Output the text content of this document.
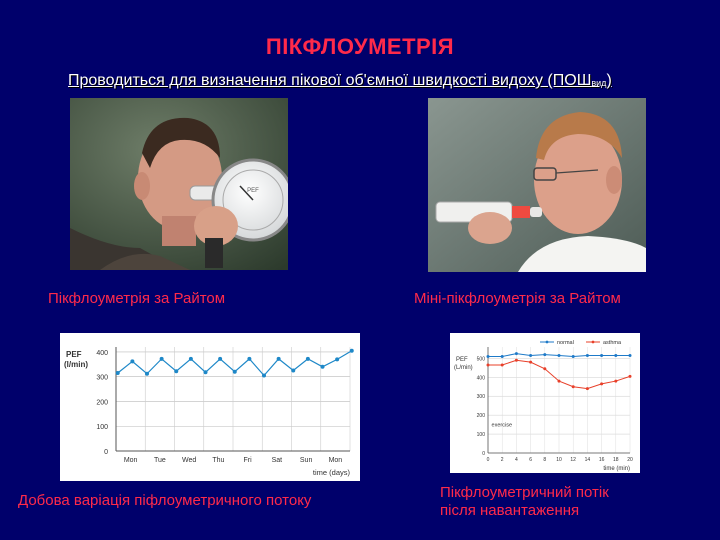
ПІКФЛОУМЕТРІЯ
Проводиться для визначення пікової об'ємної швидкості видоху $(ПОШ_{вид})$
PEF
Пікфлоуметрія за Райтом	Міні-пікфлоуметрія за Райтом
PEF
(l/min)
0
100
200
300
400
Mon Tue Wed Thu	Fri	Sat	Sun Mon
time (days)
PEF
(L/min)
0
100
200
300
400
500
0 2 4 6 8 10 12 14 16 18 20
time (min)
exercise
normal	asthma
Добова варіація піфлоуметричного потоку	Пікфлоуметричний потік
після навантаження
